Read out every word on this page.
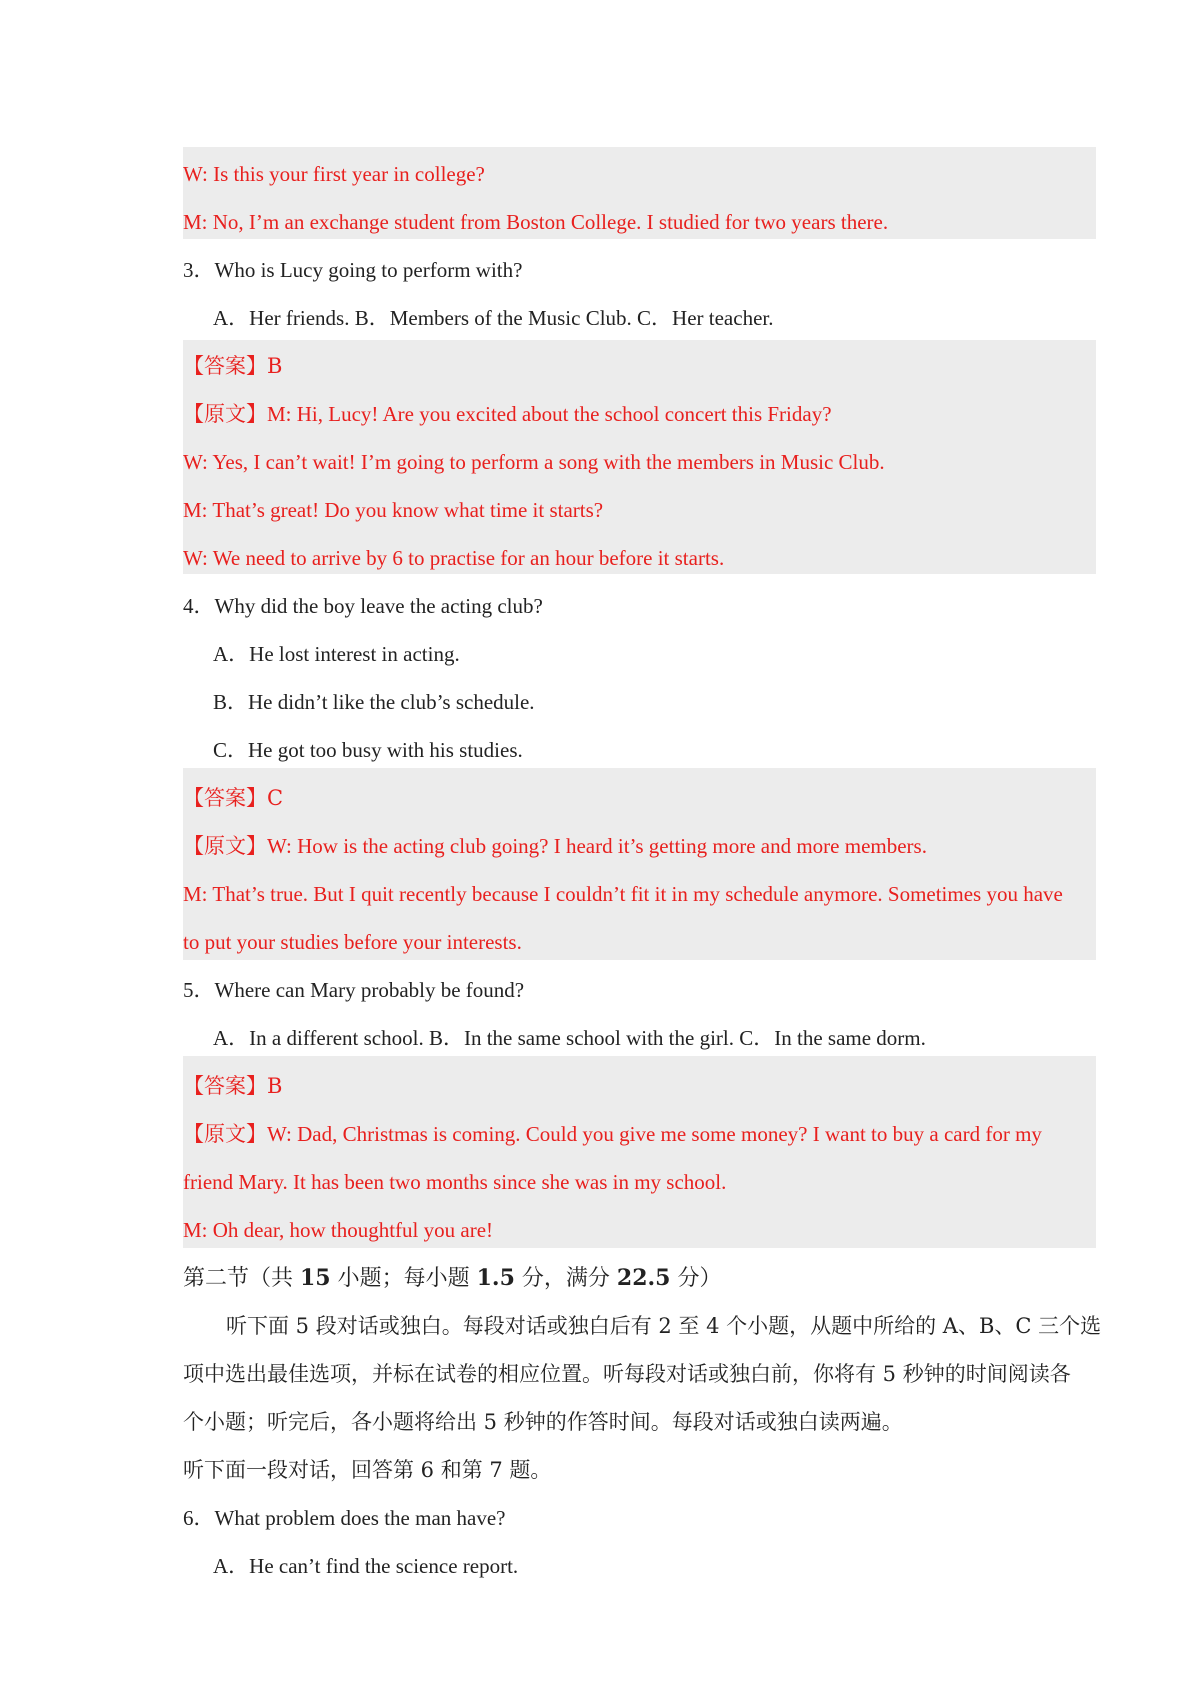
W: Is this your first year in college?
M: No, I’m an exchange student from Boston College. I studied for two years there.
3．Who is Lucy going to perform with?
A．Her friends. B．Members of the Music Club. C．Her teacher.
【答案】B
【原文】M: Hi, Lucy! Are you excited about the school concert this Friday?
W: Yes, I can’t wait! I’m going to perform a song with the members in Music Club.
M: That’s great! Do you know what time it starts?
W: We need to arrive by 6 to practise for an hour before it starts.
4．Why did the boy leave the acting club?
A．He lost interest in acting.
B．He didn’t like the club’s schedule.
C．He got too busy with his studies.
【答案】C
【原文】W: How is the acting club going? I heard it’s getting more and more members.
M: That’s true. But I quit recently because I couldn’t fit it in my schedule anymore. Sometimes you have
to put your studies before your interests.
5．Where can Mary probably be found?
A．In a different school. B．In the same school with the girl. C．In the same dorm.
【答案】B
【原文】W: Dad, Christmas is coming. Could you give me some money? I want to buy a card for my
friend Mary. It has been two months since she was in my school.
M: Oh dear, how thoughtful you are!
第二节（共 15 小题；每小题 1.5 分，满分 22.5 分）
听下面 5 段对话或独白。每段对话或独白后有 2 至 4 个小题，从题中所给的 A、B、C 三个选
项中选出最佳选项，并标在试卷的相应位置。听每段对话或独白前，你将有 5 秒钟的时间阅读各
个小题；听完后，各小题将给出 5 秒钟的作答时间。每段对话或独白读两遍。
听下面一段对话，回答第 6 和第 7 题。
6．What problem does the man have?
A．He can’t find the science report.
